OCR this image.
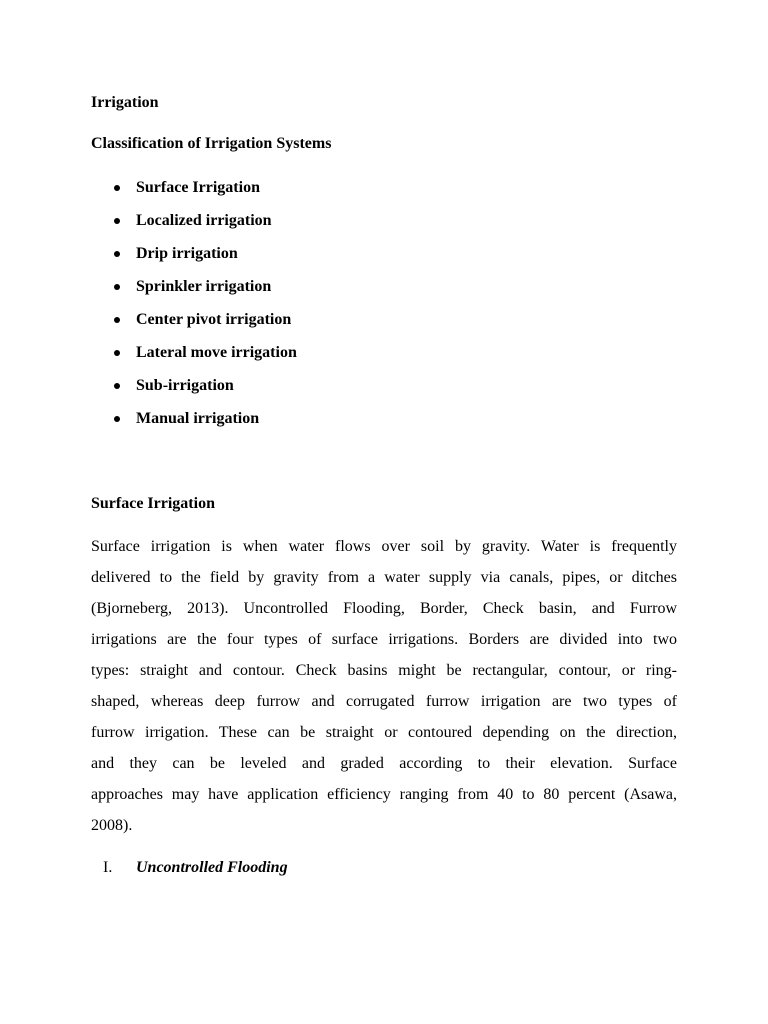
Irrigation
Classification of Irrigation Systems
Surface Irrigation
Localized irrigation
Drip irrigation
Sprinkler irrigation
Center pivot irrigation
Lateral move irrigation
Sub-irrigation
Manual irrigation
Surface Irrigation
Surface irrigation is when water flows over soil by gravity. Water is frequently
delivered to the field by gravity from a water supply via canals, pipes, or ditches
(Bjorneberg, 2013). Uncontrolled Flooding, Border, Check basin, and Furrow
irrigations are the four types of surface irrigations. Borders are divided into two
types: straight and contour. Check basins might be rectangular, contour, or ring-
shaped, whereas deep furrow and corrugated furrow irrigation are two types of
furrow irrigation. These can be straight or contoured depending on the direction,
and they can be leveled and graded according to their elevation. Surface
approaches may have application efficiency ranging from 40 to 80 percent (Asawa,
2008).
I. Uncontrolled Flooding
